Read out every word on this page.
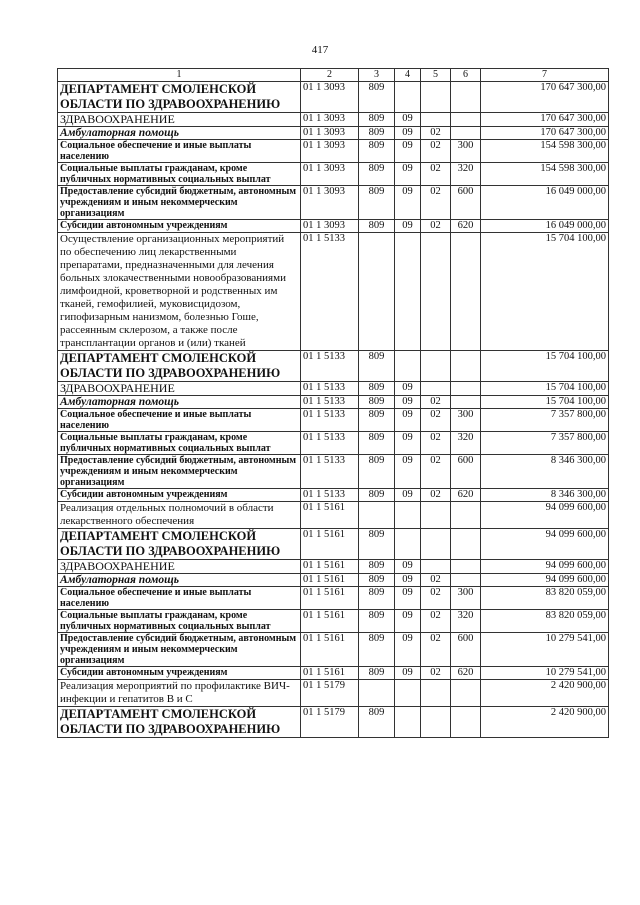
417
1	2	3	4	5	6	7
ДЕПАРТАМЕНТ СМОЛЕНСКОЙ ОБЛАСТИ ПО ЗДРАВООХРАНЕНИЮ	01 1 3093	809				170 647 300,00
ЗДРАВООХРАНЕНИЕ	01 1 3093	809	09			170 647 300,00
Амбулаторная помощь	01 1 3093	809	09	02		170 647 300,00
Социальное обеспечение и иные выплаты населению	01 1 3093	809	09	02	300	154 598 300,00
Социальные выплаты гражданам, кроме публичных нормативных социальных выплат	01 1 3093	809	09	02	320	154 598 300,00
Предоставление субсидий бюджетным, автономным учреждениям и иным некоммерческим организациям	01 1 3093	809	09	02	600	16 049 000,00
Субсидии автономным учреждениям	01 1 3093	809	09	02	620	16 049 000,00
Осуществление организационных мероприятий по обеспечению лиц лекарственными препаратами, предназначенными для лечения больных злокачественными новообразованиями лимфоидной, кроветворной и родственных им тканей, гемофилией, муковисцидозом, гипофизарным нанизмом, болезнью Гоше, рассеянным склерозом, а также после трансплантации органов и (или) тканей	01 1 5133					15 704 100,00
ДЕПАРТАМЕНТ СМОЛЕНСКОЙ ОБЛАСТИ ПО ЗДРАВООХРАНЕНИЮ	01 1 5133	809				15 704 100,00
ЗДРАВООХРАНЕНИЕ	01 1 5133	809	09			15 704 100,00
Амбулаторная помощь	01 1 5133	809	09	02		15 704 100,00
Социальное обеспечение и иные выплаты населению	01 1 5133	809	09	02	300	7 357 800,00
Социальные выплаты гражданам, кроме публичных нормативных социальных выплат	01 1 5133	809	09	02	320	7 357 800,00
Предоставление субсидий бюджетным, автономным учреждениям и иным некоммерческим организациям	01 1 5133	809	09	02	600	8 346 300,00
Субсидии автономным учреждениям	01 1 5133	809	09	02	620	8 346 300,00
Реализация отдельных полномочий в области лекарственного обеспечения	01 1 5161					94 099 600,00
ДЕПАРТАМЕНТ СМОЛЕНСКОЙ ОБЛАСТИ ПО ЗДРАВООХРАНЕНИЮ	01 1 5161	809				94 099 600,00
ЗДРАВООХРАНЕНИЕ	01 1 5161	809	09			94 099 600,00
Амбулаторная помощь	01 1 5161	809	09	02		94 099 600,00
Социальное обеспечение и иные выплаты населению	01 1 5161	809	09	02	300	83 820 059,00
Социальные выплаты гражданам, кроме публичных нормативных социальных выплат	01 1 5161	809	09	02	320	83 820 059,00
Предоставление субсидий бюджетным, автономным учреждениям и иным некоммерческим организациям	01 1 5161	809	09	02	600	10 279 541,00
Субсидии автономным учреждениям	01 1 5161	809	09	02	620	10 279 541,00
Реализация мероприятий по профилактике ВИЧ-инфекции и гепатитов В и С	01 1 5179					2 420 900,00
ДЕПАРТАМЕНТ СМОЛЕНСКОЙ ОБЛАСТИ ПО ЗДРАВООХРАНЕНИЮ	01 1 5179	809				2 420 900,00
